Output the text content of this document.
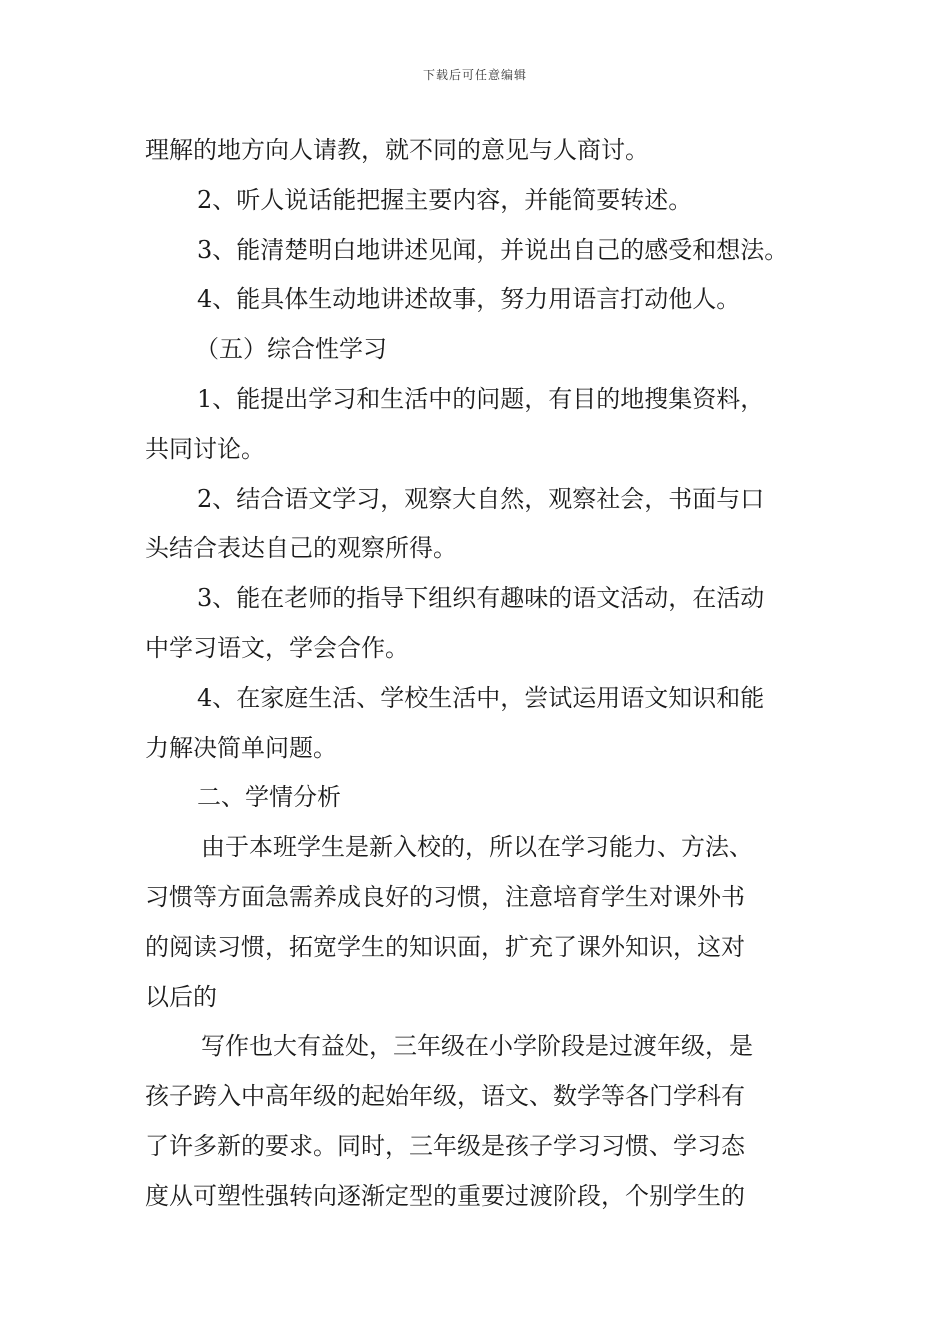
下载后可任意编辑
理解的地方向人请教，就不同的意见与人商讨。
2、听人说话能把握主要内容，并能简要转述。
3、能清楚明白地讲述见闻，并说出自己的感受和想法。
4、能具体生动地讲述故事，努力用语言打动他人。
（五）综合性学习
1、能提出学习和生活中的问题，有目的地搜集资料，
共同讨论。
2、结合语文学习，观察大自然，观察社会，书面与口
头结合表达自己的观察所得。
3、能在老师的指导下组织有趣味的语文活动，在活动
中学习语文，学会合作。
4、在家庭生活、学校生活中，尝试运用语文知识和能
力解决简单问题。
二、学情分析
由于本班学生是新入校的，所以在学习能力、方法、
习惯等方面急需养成良好的习惯，注意培育学生对课外书
的阅读习惯，拓宽学生的知识面，扩充了课外知识，这对
以后的
写作也大有益处，三年级在小学阶段是过渡年级，是
孩子跨入中高年级的起始年级，语文、数学等各门学科有
了许多新的要求。同时，三年级是孩子学习习惯、学习态
度从可塑性强转向逐渐定型的重要过渡阶段，个别学生的
